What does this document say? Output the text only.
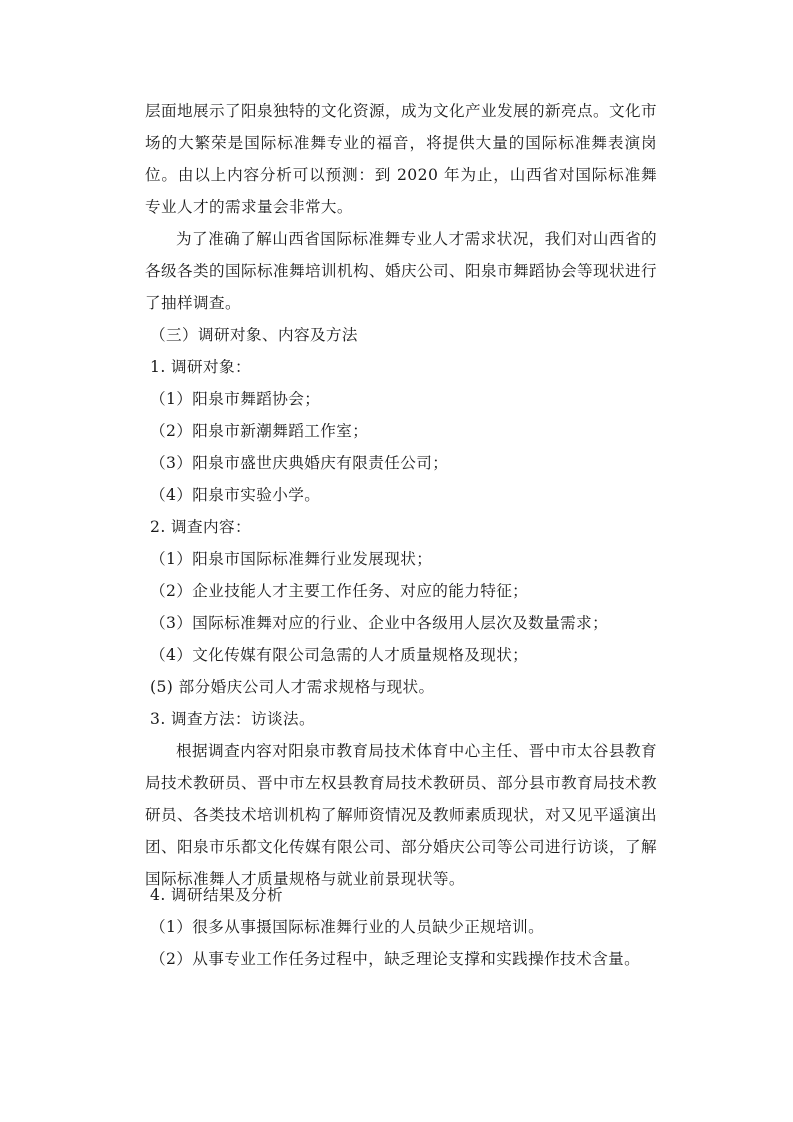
层面地展示了阳泉独特的文化资源，成为文化产业发展的新亮点。文化市场的大繁荣是国际标准舞专业的福音，将提供大量的国际标准舞表演岗位。由以上内容分析可以预测：到 2020 年为止，山西省对国际标准舞专业人才的需求量会非常大。

为了准确了解山西省国际标准舞专业人才需求状况，我们对山西省的各级各类的国际标准舞培训机构、婚庆公司、阳泉市舞蹈协会等现状进行了抽样调查。

（三）调研对象、内容及方法

1. 调研对象：

（1）阳泉市舞蹈协会；

（2）阳泉市新潮舞蹈工作室；

（3）阳泉市盛世庆典婚庆有限责任公司；

（4）阳泉市实验小学。

2. 调查内容：

（1）阳泉市国际标准舞行业发展现状；

（2）企业技能人才主要工作任务、对应的能力特征；

（3）国际标准舞对应的行业、企业中各级用人层次及数量需求；

（4）文化传媒有限公司急需的人才质量规格及现状；

(5) 部分婚庆公司人才需求规格与现状。

3. 调查方法：访谈法。

根据调查内容对阳泉市教育局技术体育中心主任、晋中市太谷县教育局技术教研员、晋中市左权县教育局技术教研员、部分县市教育局技术教研员、各类技术培训机构了解师资情况及教师素质现状，对又见平遥演出团、阳泉市乐都文化传媒有限公司、部分婚庆公司等公司进行访谈，了解国际标准舞人才质量规格与就业前景现状等。

4. 调研结果及分析

（1）很多从事摄国际标准舞行业的人员缺少正规培训。

（2）从事专业工作任务过程中，缺乏理论支撑和实践操作技术含量。
